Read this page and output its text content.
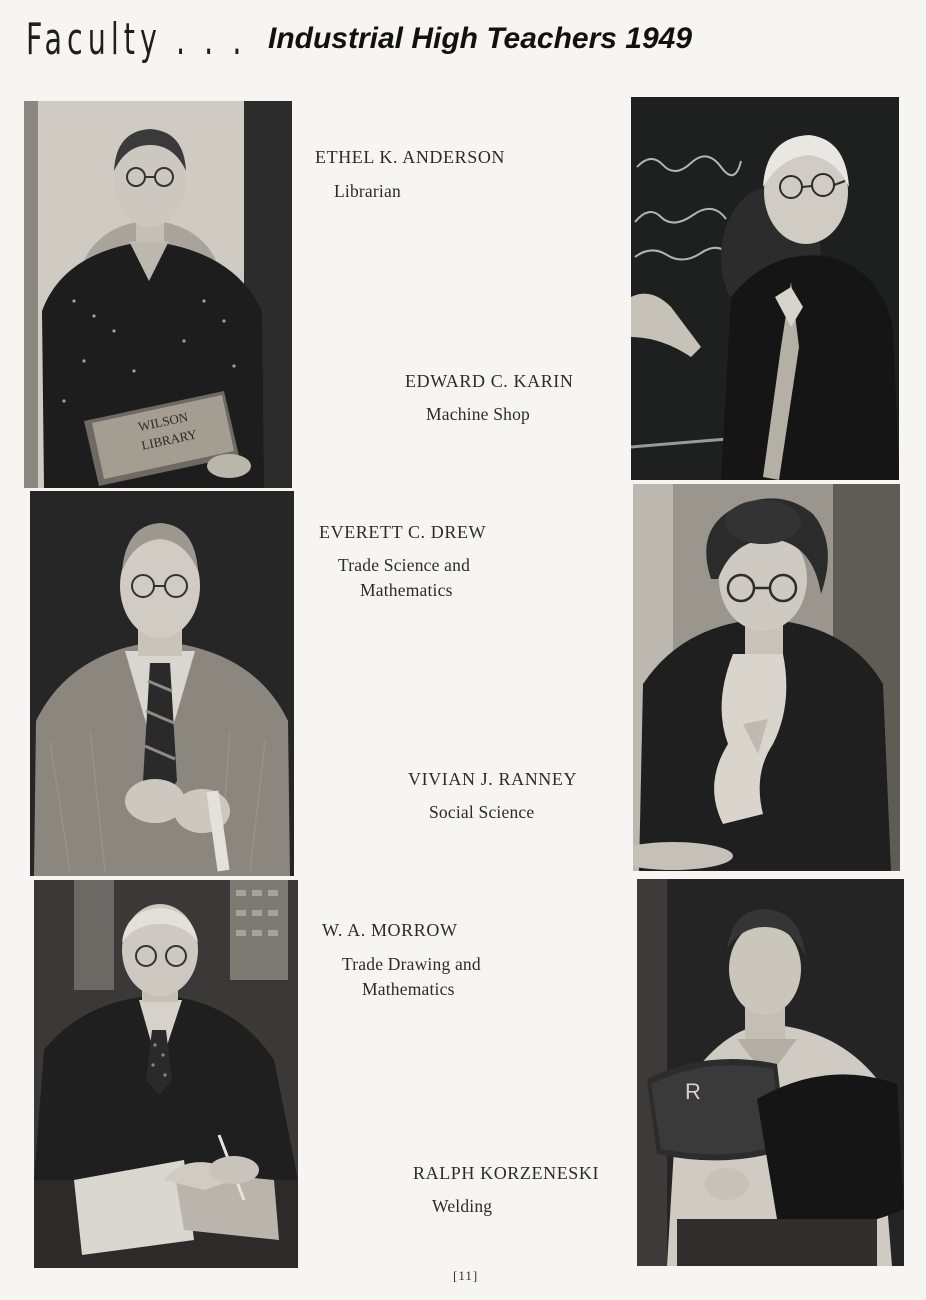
Faculty . . . Industrial High Teachers 1949
WILSON
LIBRARY
R
ETHEL K. ANDERSON
Librarian
EDWARD C. KARIN
Machine Shop
EVERETT C. DREW
Trade Science and
Mathematics
VIVIAN J. RANNEY
Social Science
W. A. MORROW
Trade Drawing and
Mathematics
RALPH KORZENESKI
Welding
[11]
